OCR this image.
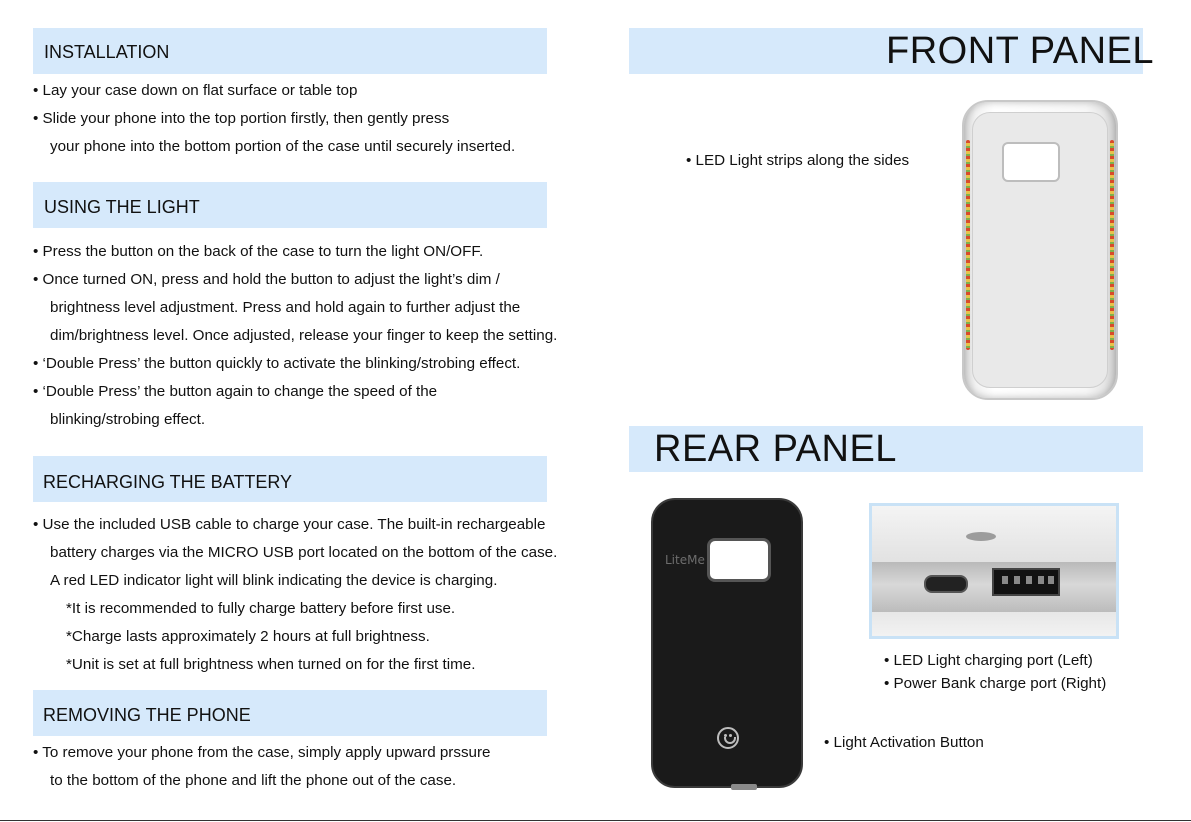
INSTALLATION
• Lay your case down on flat surface or table top
• Slide your phone into the top portion firstly, then gently press
your phone into the bottom portion of the case until securely inserted.
USING THE LIGHT
• Press the button on the back of the case to turn the light ON/OFF.
• Once turned ON, press and hold the button to adjust the light’s dim /
brightness level adjustment. Press and hold again to further adjust the
dim/brightness level. Once adjusted, release your finger to keep the setting.
• ‘Double Press’ the button quickly to activate the blinking/strobing effect.
• ‘Double Press’ the button again to change the speed of the
blinking/strobing effect.
RECHARGING THE BATTERY
• Use the included USB cable to charge your case. The built-in rechargeable
battery charges via the MICRO USB port located on the bottom of the case.
A red LED indicator light will blink indicating the device is charging.
*It is recommended to fully charge battery before first use.
*Charge lasts approximately 2 hours at full brightness.
*Unit is set at full brightness when turned on for the first time.
REMOVING THE PHONE
• To remove your phone from the case, simply apply upward prssure
to the bottom of the phone and lift the phone out of the case.
FRONT PANEL
• LED Light strips along the sides
REAR PANEL
LiteMe
• LED Light charging port (Left)
• Power Bank charge port (Right)
• Light Activation Button
